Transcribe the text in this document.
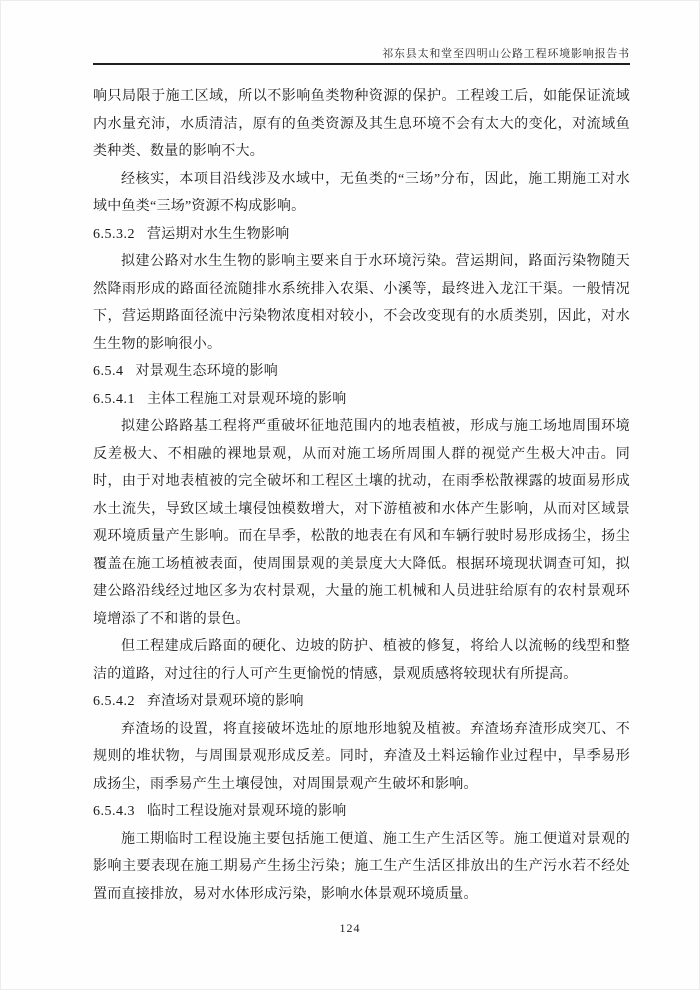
祁东县太和堂至四明山公路工程环境影响报告书

响只局限于施工区域，所以不影响鱼类物种资源的保护。工程竣工后，如能保证流域内水量充沛，水质清洁，原有的鱼类资源及其生息环境不会有太大的变化，对流域鱼类种类、数量的影响不大。

经核实，本项目沿线涉及水域中，无鱼类的“三场”分布，因此，施工期施工对水域中鱼类“三场”资源不构成影响。

6.5.3.2 营运期对水生生物影响

拟建公路对水生生物的影响主要来自于水环境污染。营运期间，路面污染物随天然降雨形成的路面径流随排水系统排入农渠、小溪等，最终进入龙江干渠。一般情况下，营运期路面径流中污染物浓度相对较小，不会改变现有的水质类别，因此，对水生生物的影响很小。

6.5.4 对景观生态环境的影响
6.5.4.1 主体工程施工对景观环境的影响

拟建公路路基工程将严重破坏征地范围内的地表植被，形成与施工场地周围环境反差极大、不相融的裸地景观，从而对施工场所周围人群的视觉产生极大冲击。同时，由于对地表植被的完全破坏和工程区土壤的扰动，在雨季松散裸露的坡面易形成水土流失，导致区域土壤侵蚀模数增大，对下游植被和水体产生影响，从而对区域景观环境质量产生影响。而在旱季，松散的地表在有风和车辆行驶时易形成扬尘，扬尘覆盖在施工场植被表面，使周围景观的美景度大大降低。根据环境现状调查可知，拟建公路沿线经过地区多为农村景观，大量的施工机械和人员进驻给原有的农村景观环境增添了不和谐的景色。

但工程建成后路面的硬化、边坡的防护、植被的修复，将给人以流畅的线型和整洁的道路，对过往的行人可产生更愉悦的情感，景观质感将较现状有所提高。

6.5.4.2 弃渣场对景观环境的影响

弃渣场的设置，将直接破坏选址的原地形地貌及植被。弃渣场弃渣形成突兀、不规则的堆状物，与周围景观形成反差。同时，弃渣及土料运输作业过程中，旱季易形成扬尘，雨季易产生土壤侵蚀，对周围景观产生破坏和影响。

6.5.4.3 临时工程设施对景观环境的影响

施工期临时工程设施主要包括施工便道、施工生产生活区等。施工便道对景观的影响主要表现在施工期易产生扬尘污染；施工生产生活区排放出的生产污水若不经处置而直接排放，易对水体形成污染，影响水体景观环境质量。

124
